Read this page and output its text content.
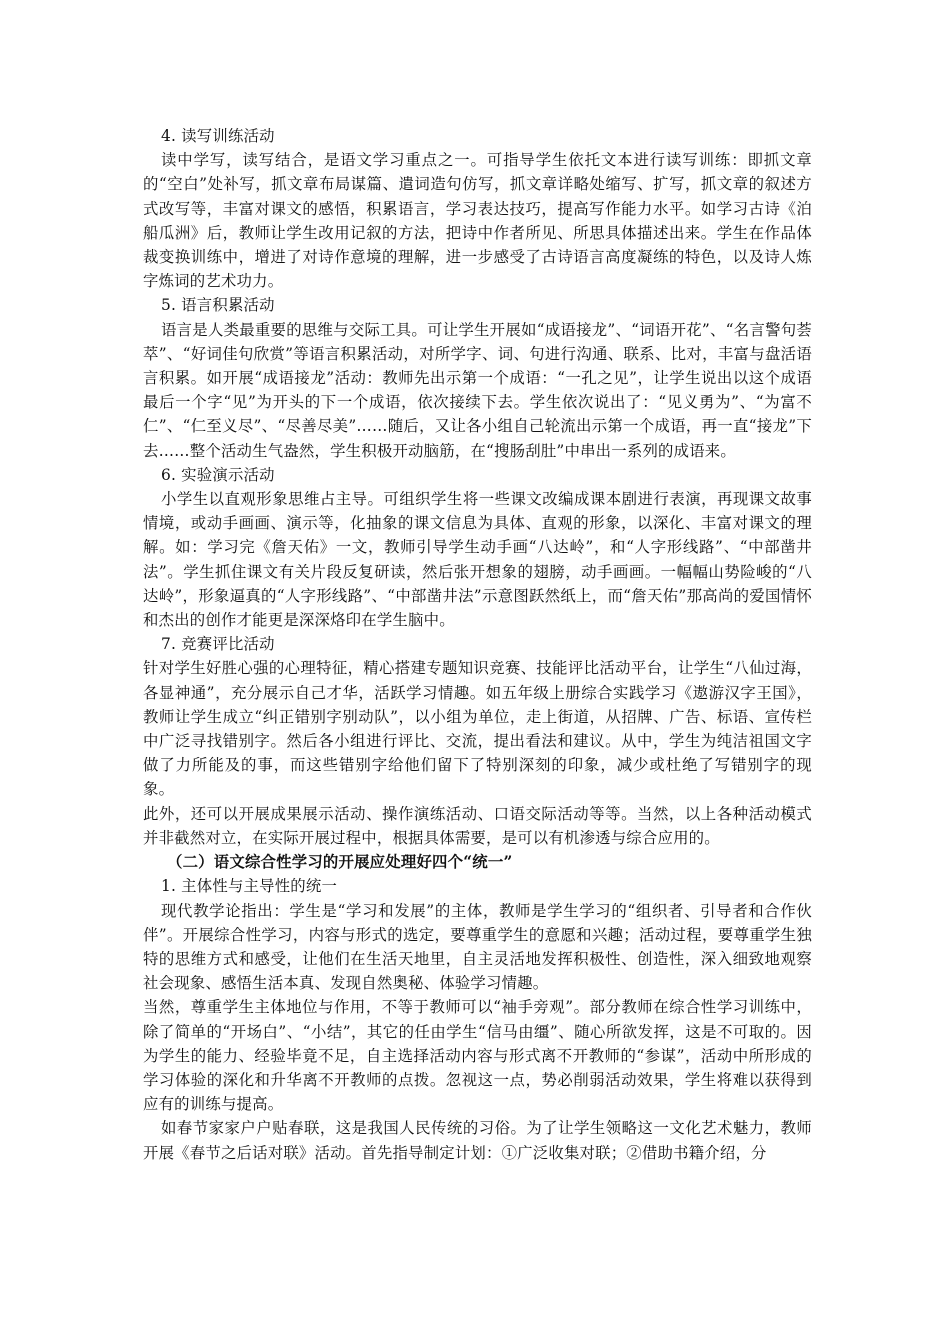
4. 读写训练活动

读中学写，读写结合，是语文学习重点之一。可指导学生依托文本进行读写训练：即抓文章的“空白”处补写，抓文章布局谋篇、遣词造句仿写，抓文章详略处缩写、扩写，抓文章的叙述方式改写等，丰富对课文的感悟，积累语言，学习表达技巧，提高写作能力水平。如学习古诗《泊船瓜洲》后，教师让学生改用记叙的方法，把诗中作者所见、所思具体描述出来。学生在作品体裁变换训练中，增进了对诗作意境的理解，进一步感受了古诗语言高度凝练的特色，以及诗人炼字炼词的艺术功力。

5. 语言积累活动

语言是人类最重要的思维与交际工具。可让学生开展如“成语接龙”、“词语开花”、“名言警句荟萃”、“好词佳句欣赏”等语言积累活动，对所学字、词、句进行沟通、联系、比对，丰富与盘活语言积累。如开展“成语接龙”活动：教师先出示第一个成语：“一孔之见”，让学生说出以这个成语最后一个字“见”为开头的下一个成语，依次接续下去。学生依次说出了：“见义勇为”、“为富不仁”、“仁至义尽”、“尽善尽美”……随后，又让各小组自己轮流出示第一个成语，再一直“接龙”下去……整个活动生气盎然，学生积极开动脑筋，在“搜肠刮肚”中串出一系列的成语来。

6. 实验演示活动

小学生以直观形象思维占主导。可组织学生将一些课文改编成课本剧进行表演，再现课文故事情境，或动手画画、演示等，化抽象的课文信息为具体、直观的形象，以深化、丰富对课文的理解。如：学习完《詹天佑》一文，教师引导学生动手画“八达岭”，和“人字形线路”、“中部凿井法”。学生抓住课文有关片段反复研读，然后张开想象的翅膀，动手画画。一幅幅山势险峻的“八达岭”，形象逼真的“人字形线路”、“中部凿井法”示意图跃然纸上，而“詹天佑”那高尚的爱国情怀和杰出的创作才能更是深深烙印在学生脑中。

7. 竞赛评比活动

针对学生好胜心强的心理特征，精心搭建专题知识竞赛、技能评比活动平台，让学生“八仙过海，各显神通”，充分展示自己才华，活跃学习情趣。如五年级上册综合实践学习《遨游汉字王国》，教师让学生成立“纠正错别字别动队”，以小组为单位，走上街道，从招牌、广告、标语、宣传栏中广泛寻找错别字。然后各小组进行评比、交流，提出看法和建议。从中，学生为纯洁祖国文字做了力所能及的事，而这些错别字给他们留下了特别深刻的印象，减少或杜绝了写错别字的现象。

此外，还可以开展成果展示活动、操作演练活动、口语交际活动等等。当然，以上各种活动模式并非截然对立，在实际开展过程中，根据具体需要，是可以有机渗透与综合应用的。

（二）语文综合性学习的开展应处理好四个“统一”

1. 主体性与主导性的统一

现代教学论指出：学生是“学习和发展”的主体，教师是学生学习的“组织者、引导者和合作伙伴”。开展综合性学习，内容与形式的选定，要尊重学生的意愿和兴趣；活动过程，要尊重学生独特的思维方式和感受，让他们在生活天地里，自主灵活地发挥积极性、创造性，深入细致地观察社会现象、感悟生活本真、发现自然奥秘、体验学习情趣。

当然，尊重学生主体地位与作用，不等于教师可以“袖手旁观”。部分教师在综合性学习训练中，除了简单的“开场白”、“小结”，其它的任由学生“信马由缰”、随心所欲发挥，这是不可取的。因为学生的能力、经验毕竟不足，自主选择活动内容与形式离不开教师的“参谋”，活动中所形成的学习体验的深化和升华离不开教师的点拨。忽视这一点，势必削弱活动效果，学生将难以获得到应有的训练与提高。

如春节家家户户贴春联，这是我国人民传统的习俗。为了让学生领略这一文化艺术魅力，教师开展《春节之后话对联》活动。首先指导制定计划：①广泛收集对联；②借助书籍介绍，分
